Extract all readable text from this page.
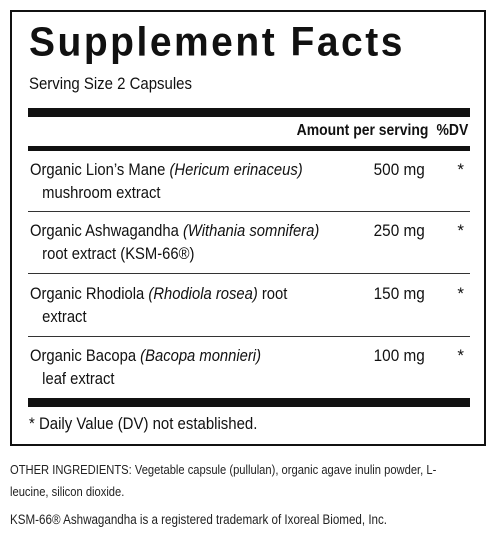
Supplement Facts
Serving Size 2 Capsules
Amount per serving %DV
Organic Lion’s Mane (Hericum erinaceus)
mushroom extract
500 mg *
Organic Ashwagandha (Withania somnifera)
root extract (KSM-66®)
250 mg *
Organic Rhodiola (Rhodiola rosea) root
extract
150 mg *
Organic Bacopa (Bacopa monnieri)
leaf extract
100 mg *
* Daily Value (DV) not established.
OTHER INGREDIENTS: Vegetable capsule (pullulan), organic agave inulin powder, L-leucine, silicon dioxide.
KSM-66® Ashwagandha is a registered trademark of Ixoreal Biomed, Inc.
